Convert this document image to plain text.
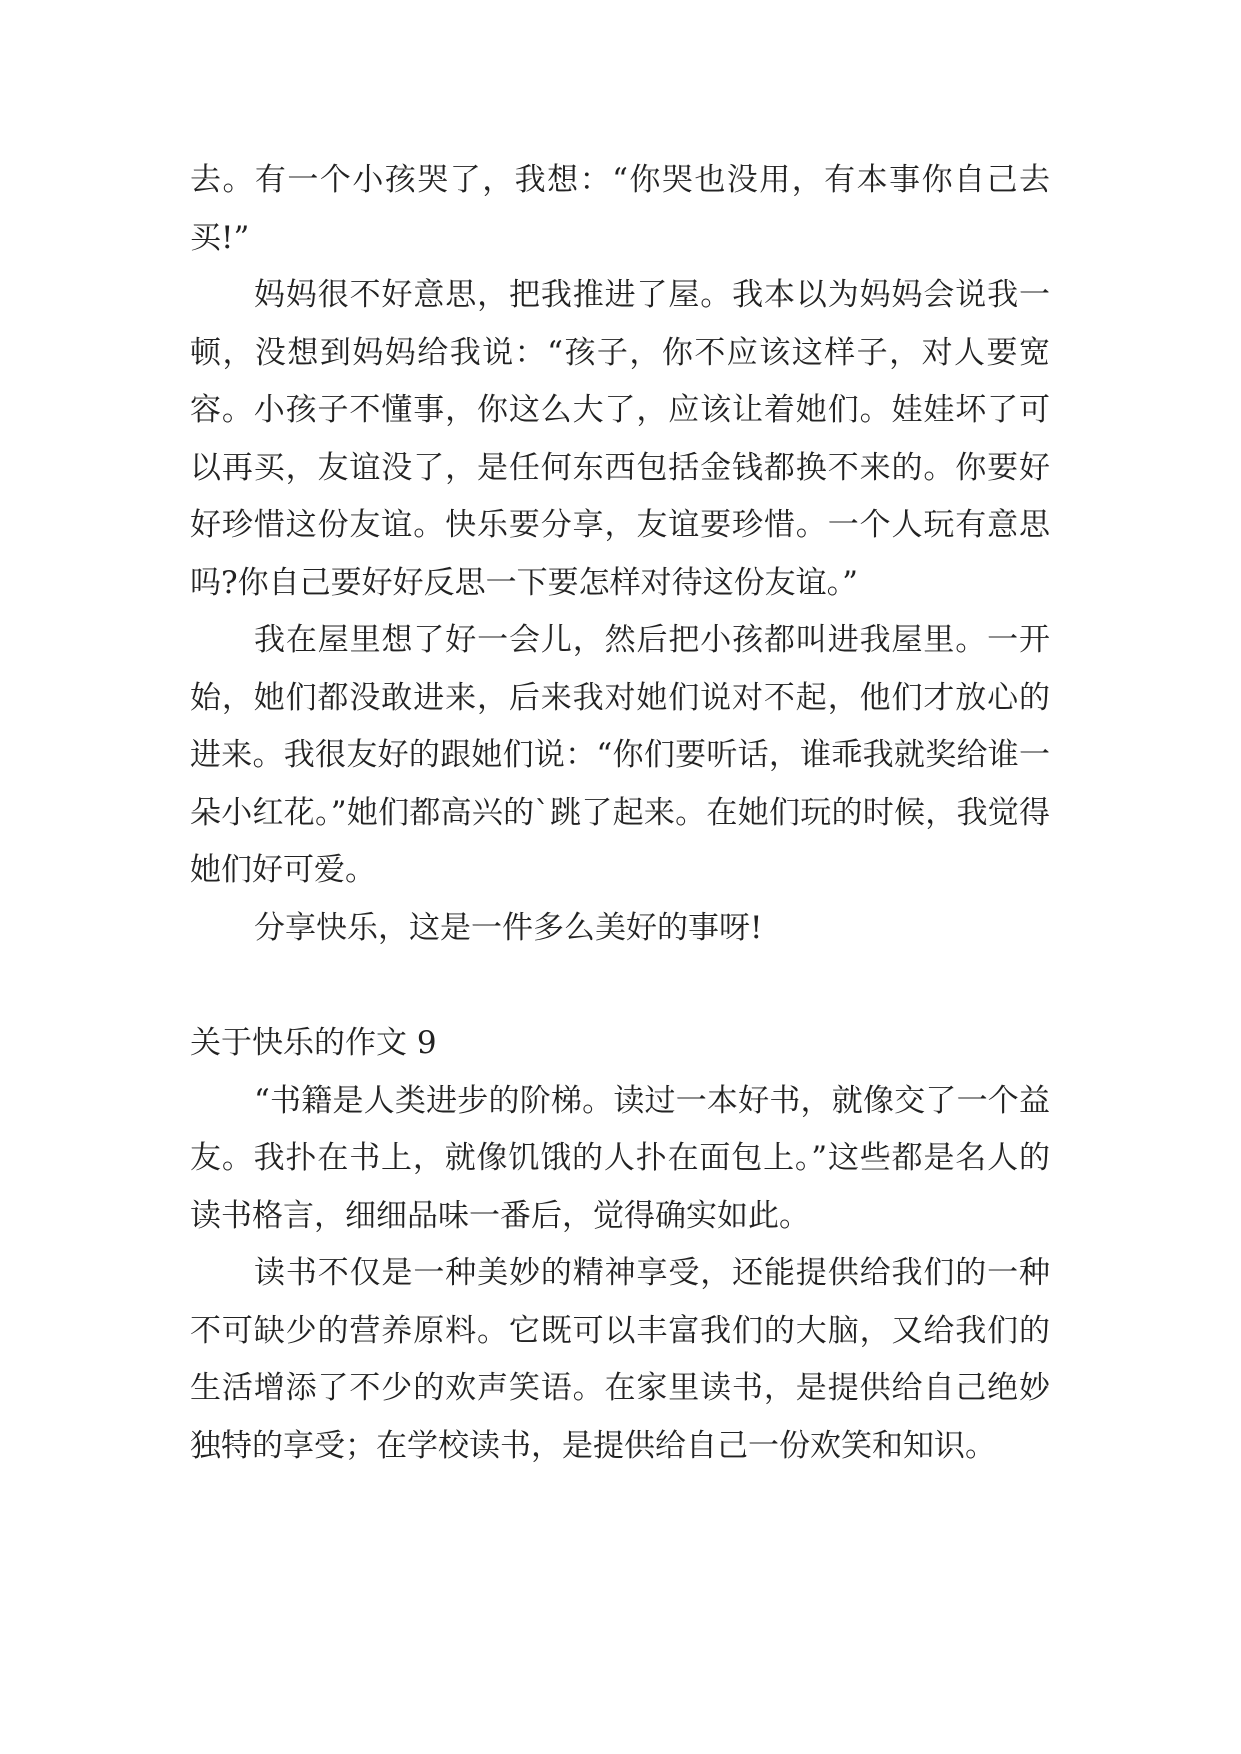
去。有一个小孩哭了，我想：“你哭也没用，有本事你自己去买!”

妈妈很不好意思，把我推进了屋。我本以为妈妈会说我一顿，没想到妈妈给我说：“孩子，你不应该这样子，对人要宽容。小孩子不懂事，你这么大了，应该让着她们。娃娃坏了可以再买，友谊没了，是任何东西包括金钱都换不来的。你要好好珍惜这份友谊。快乐要分享，友谊要珍惜。一个人玩有意思吗?你自己要好好反思一下要怎样对待这份友谊。”

我在屋里想了好一会儿，然后把小孩都叫进我屋里。一开始，她们都没敢进来，后来我对她们说对不起，他们才放心的进来。我很友好的跟她们说：“你们要听话，谁乖我就奖给谁一朵小红花。”她们都高兴的`跳了起来。在她们玩的时候，我觉得她们好可爱。

分享快乐，这是一件多么美好的事呀!

关于快乐的作文 9

“书籍是人类进步的阶梯。读过一本好书，就像交了一个益友。我扑在书上，就像饥饿的人扑在面包上。”这些都是名人的读书格言，细细品味一番后，觉得确实如此。

读书不仅是一种美妙的精神享受，还能提供给我们的一种不可缺少的营养原料。它既可以丰富我们的大脑，又给我们的生活增添了不少的欢声笑语。在家里读书，是提供给自己绝妙独特的享受；在学校读书，是提供给自己一份欢笑和知识。
